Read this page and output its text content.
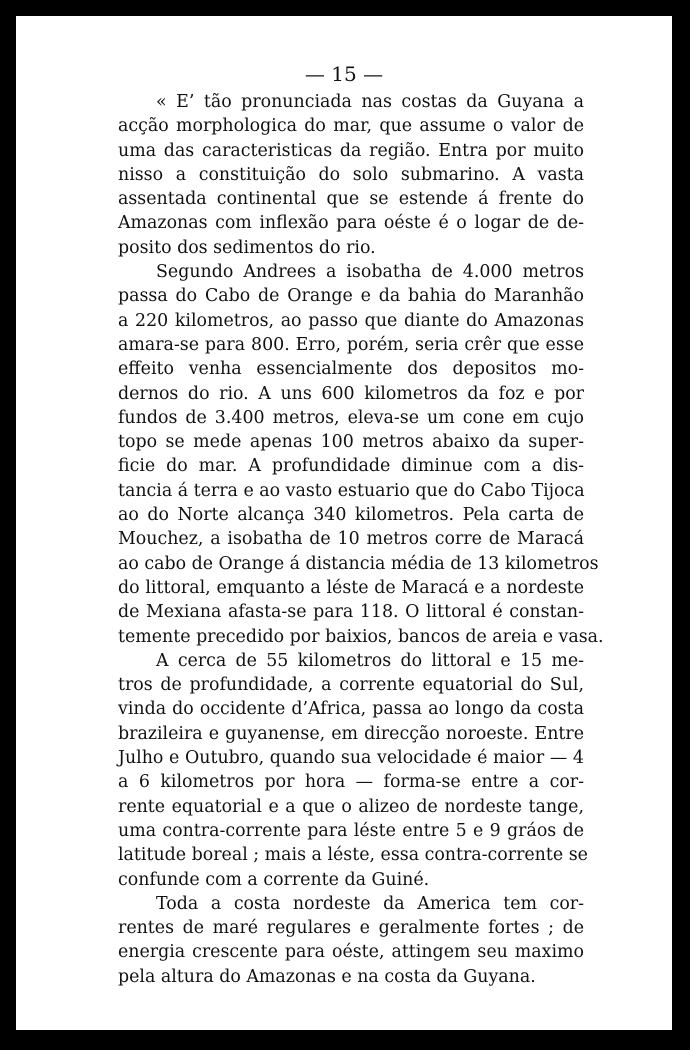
— 15 —

« E’ tão pronunciada nas costas da Guyana a
acção morphologica do mar, que assume o valor de
uma das caracteristicas da região. Entra por muito
nisso a constituição do solo submarino. A vasta
assentada continental que se estende á frente do
Amazonas com inflexão para oéste é o logar de de-
posito dos sedimentos do rio.
Segundo Andrees a isobatha de 4.000 metros
passa do Cabo de Orange e da bahia do Maranhão
a 220 kilometros, ao passo que diante do Amazonas
amara-se para 800. Erro, porém, seria crêr que esse
effeito venha essencialmente dos depositos mo-
dernos do rio. A uns 600 kilometros da foz e por
fundos de 3.400 metros, eleva-se um cone em cujo
topo se mede apenas 100 metros abaixo da super-
ficie do mar. A profundidade diminue com a dis-
tancia á terra e ao vasto estuario que do Cabo Tijoca
ao do Norte alcança 340 kilometros. Pela carta de
Mouchez, a isobatha de 10 metros corre de Maracá
ao cabo de Orange á distancia média de 13 kilometros
do littoral, emquanto a léste de Maracá e a nordeste
de Mexiana afasta-se para 118. O littoral é constan-
temente precedido por baixios, bancos de areia e vasa.
A cerca de 55 kilometros do littoral e 15 me-
tros de profundidade, a corrente equatorial do Sul,
vinda do occidente d’Africa, passa ao longo da costa
brazileira e guyanense, em direcção noroeste. Entre
Julho e Outubro, quando sua velocidade é maior — 4
a 6 kilometros por hora — forma-se entre a cor-
rente equatorial e a que o alizeo de nordeste tange,
uma contra-corrente para léste entre 5 e 9 gráos de
latitude boreal ; mais a léste, essa contra-corrente se
confunde com a corrente da Guiné.
Toda a costa nordeste da America tem cor-
rentes de maré regulares e geralmente fortes ; de
energia crescente para oéste, attingem seu maximo
pela altura do Amazonas e na costa da Guyana.
